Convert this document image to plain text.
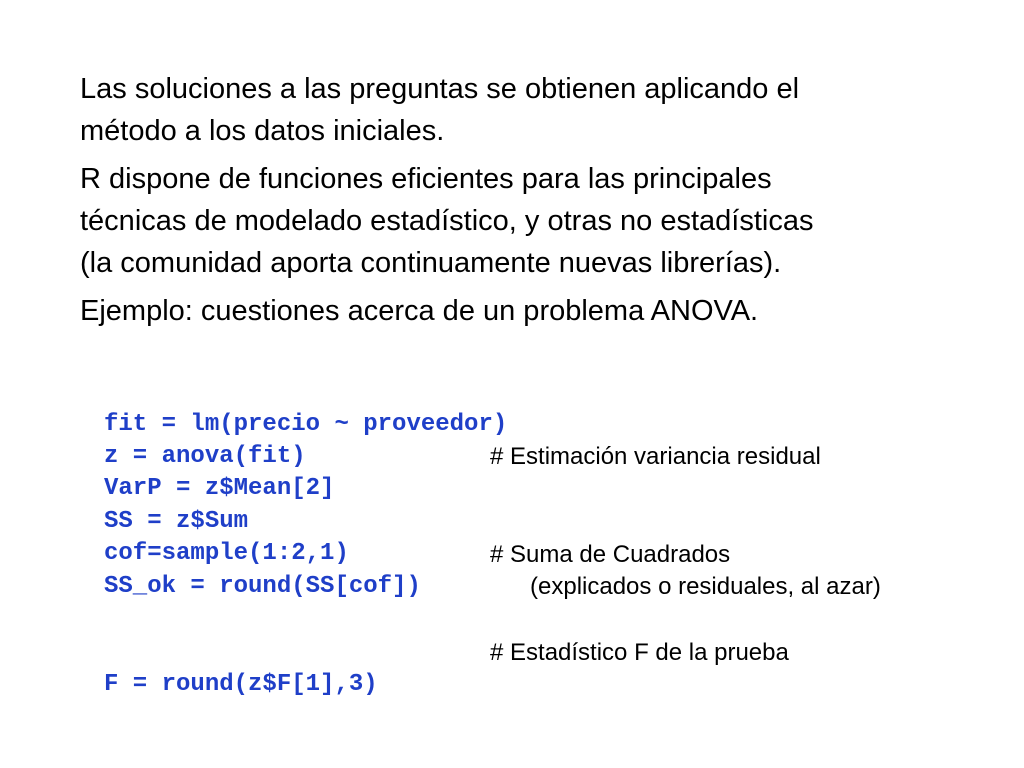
Las soluciones a las preguntas se obtienen aplicando el
método a los datos iniciales.

R dispone de funciones eficientes para las principales
técnicas de modelado estadístico, y otras no estadísticas
(la comunidad aporta continuamente nuevas librerías).

Ejemplo: cuestiones acerca de un problema ANOVA.

fit = lm(precio ~ proveedor)

z = anova(fit)

VarP = z$Mean[2]

# Estimación variancia residual

SS = z$Sum

cof=sample(1:2,1)

SS_ok = round(SS[cof])

# Suma de Cuadrados

(explicados o residuales, al azar)

F = round(z$F[1],3)

# Estadístico F de la prueba
